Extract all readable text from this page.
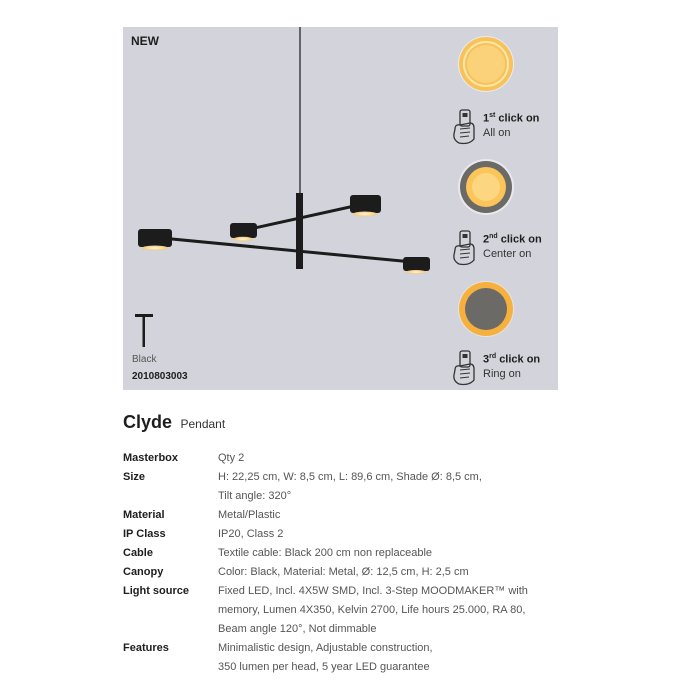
NEW
Black
2010803003
1st click on
All on
2nd click on
Center on
3rd click on
Ring on
Clyde Pendant
Masterbox	Qty 2
Size	H: 22,25 cm, W: 8,5 cm, L: 89,6 cm, Shade Ø: 8,5 cm,
Tilt angle: 320°
Material	Metal/Plastic
IP Class	IP20, Class 2
Cable	Textile cable: Black 200 cm non replaceable
Canopy	Color: Black, Material: Metal, Ø: 12,5 cm, H: 2,5 cm
Light source	Fixed LED, Incl. 4X5W SMD, Incl. 3-Step MOODMAKER™ with
memory, Lumen 4X350, Kelvin 2700, Life hours 25.000, RA 80,
Beam angle 120°, Not dimmable
Features	Minimalistic design, Adjustable construction,
350 lumen per head, 5 year LED guarantee
